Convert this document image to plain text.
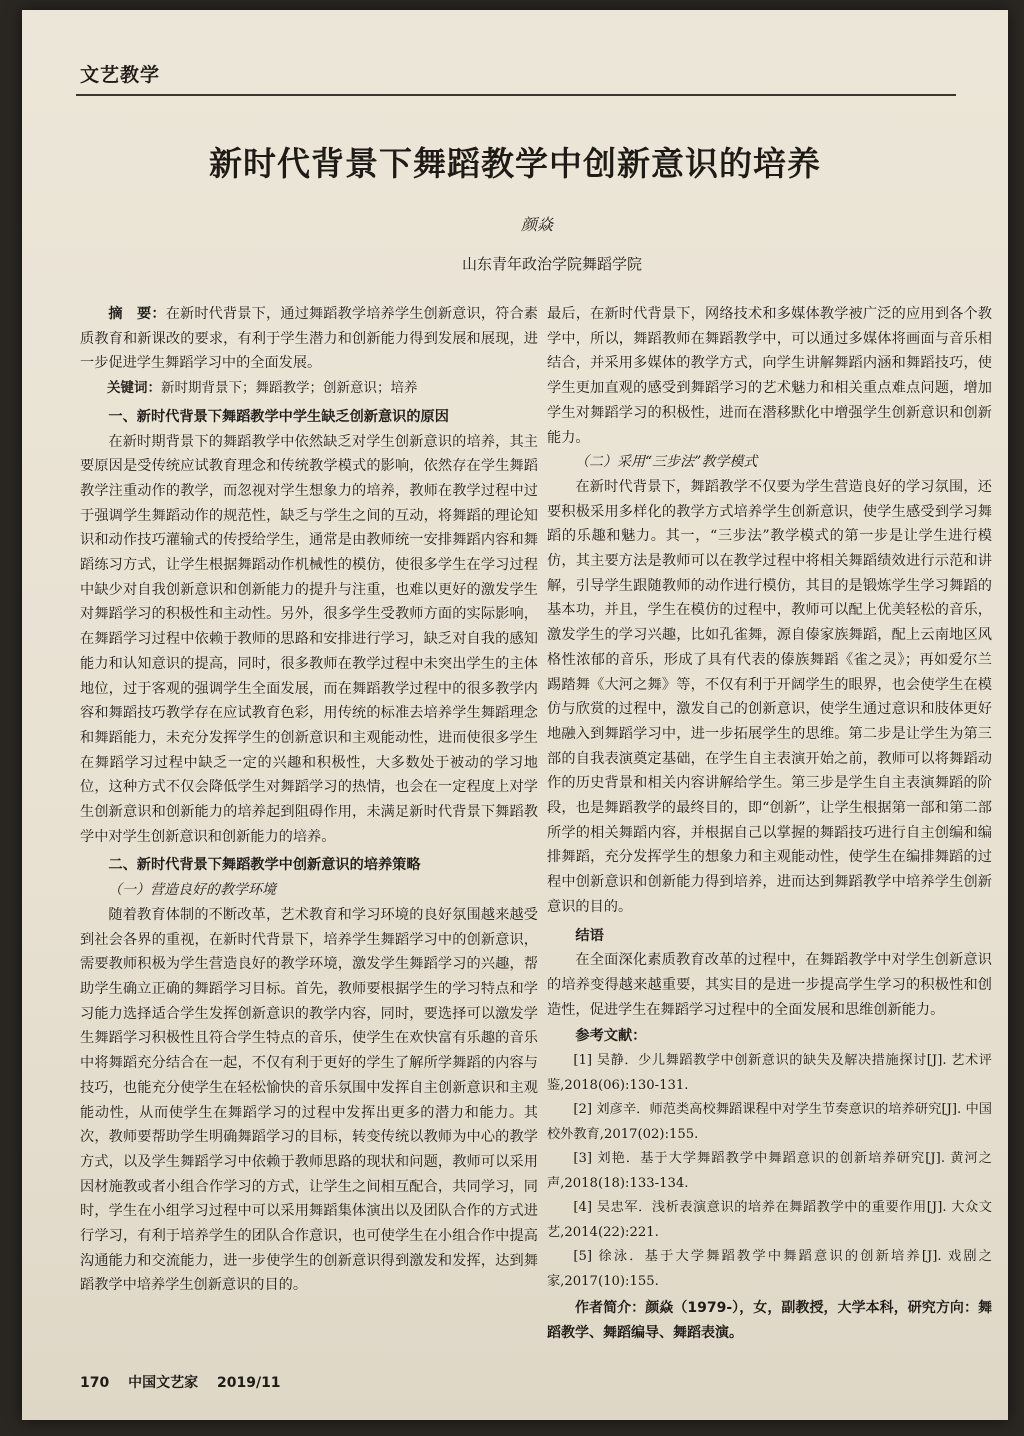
文艺教学
新时代背景下舞蹈教学中创新意识的培养
颜焱
山东青年政治学院舞蹈学院

摘　要：在新时代背景下，通过舞蹈教学培养学生创新意识，符合素质教育和新课改的要求，有利于学生潜力和创新能力得到发展和展现，进一步促进学生舞蹈学习中的全面发展。

关键词：新时期背景下；舞蹈教学；创新意识；培养

一、新时代背景下舞蹈教学中学生缺乏创新意识的原因

在新时期背景下的舞蹈教学中依然缺乏对学生创新意识的培养，其主要原因是受传统应试教育理念和传统教学模式的影响，依然存在学生舞蹈教学注重动作的教学，而忽视对学生想象力的培养，教师在教学过程中过于强调学生舞蹈动作的规范性，缺乏与学生之间的互动，将舞蹈的理论知识和动作技巧灌输式的传授给学生，通常是由教师统一安排舞蹈内容和舞蹈练习方式，让学生根据舞蹈动作机械性的模仿，使很多学生在学习过程中缺少对自我创新意识和创新能力的提升与注重，也难以更好的激发学生对舞蹈学习的积极性和主动性。另外，很多学生受教师方面的实际影响，在舞蹈学习过程中依赖于教师的思路和安排进行学习，缺乏对自我的感知能力和认知意识的提高，同时，很多教师在教学过程中未突出学生的主体地位，过于客观的强调学生全面发展，而在舞蹈教学过程中的很多教学内容和舞蹈技巧教学存在应试教育色彩，用传统的标准去培养学生舞蹈理念和舞蹈能力，未充分发挥学生的创新意识和主观能动性，进而使很多学生在舞蹈学习过程中缺乏一定的兴趣和积极性，大多数处于被动的学习地位，这种方式不仅会降低学生对舞蹈学习的热情，也会在一定程度上对学生创新意识和创新能力的培养起到阻碍作用，未满足新时代背景下舞蹈教学中对学生创新意识和创新能力的培养。

二、新时代背景下舞蹈教学中创新意识的培养策略
（一）营造良好的教学环境

随着教育体制的不断改革，艺术教育和学习环境的良好氛围越来越受到社会各界的重视，在新时代背景下，培养学生舞蹈学习中的创新意识，需要教师积极为学生营造良好的教学环境，激发学生舞蹈学习的兴趣，帮助学生确立正确的舞蹈学习目标。首先，教师要根据学生的学习特点和学习能力选择适合学生发挥创新意识的教学内容，同时，要选择可以激发学生舞蹈学习积极性且符合学生特点的音乐，使学生在欢快富有乐趣的音乐中将舞蹈充分结合在一起，不仅有利于更好的学生了解所学舞蹈的内容与技巧，也能充分使学生在轻松愉快的音乐氛围中发挥自主创新意识和主观能动性，从而使学生在舞蹈学习的过程中发挥出更多的潜力和能力。其次，教师要帮助学生明确舞蹈学习的目标，转变传统以教师为中心的教学方式，以及学生舞蹈学习中依赖于教师思路的现状和问题，教师可以采用因材施教或者小组合作学习的方式，让学生之间相互配合，共同学习，同时，学生在小组学习过程中可以采用舞蹈集体演出以及团队合作的方式进行学习，有利于培养学生的团队合作意识，也可使学生在小组合作中提高沟通能力和交流能力，进一步使学生的创新意识得到激发和发挥，达到舞蹈教学中培养学生创新意识的目的。

最后，在新时代背景下，网络技术和多媒体教学被广泛的应用到各个教学中，所以，舞蹈教师在舞蹈教学中，可以通过多媒体将画面与音乐相结合，并采用多媒体的教学方式，向学生讲解舞蹈内涵和舞蹈技巧，使学生更加直观的感受到舞蹈学习的艺术魅力和相关重点难点问题，增加学生对舞蹈学习的积极性，进而在潜移默化中增强学生创新意识和创新能力。

（二）采用“三步法”教学模式

在新时代背景下，舞蹈教学不仅要为学生营造良好的学习氛围，还要积极采用多样化的教学方式培养学生创新意识，使学生感受到学习舞蹈的乐趣和魅力。其一，“三步法”教学模式的第一步是让学生进行模仿，其主要方法是教师可以在教学过程中将相关舞蹈绩效进行示范和讲解，引导学生跟随教师的动作进行模仿，其目的是锻炼学生学习舞蹈的基本功，并且，学生在模仿的过程中，教师可以配上优美轻松的音乐，激发学生的学习兴趣，比如孔雀舞，源自傣家族舞蹈，配上云南地区风格性浓郁的音乐，形成了具有代表的傣族舞蹈《雀之灵》；再如爱尔兰踢踏舞《大河之舞》等，不仅有利于开阔学生的眼界，也会使学生在模仿与欣赏的过程中，激发自己的创新意识，使学生通过意识和肢体更好地融入到舞蹈学习中，进一步拓展学生的思维。第二步是让学生为第三部的自我表演奠定基础，在学生自主表演开始之前，教师可以将舞蹈动作的历史背景和相关内容讲解给学生。第三步是学生自主表演舞蹈的阶段，也是舞蹈教学的最终目的，即“创新”，让学生根据第一部和第二部所学的相关舞蹈内容，并根据自己以掌握的舞蹈技巧进行自主创编和编排舞蹈，充分发挥学生的想象力和主观能动性，使学生在编排舞蹈的过程中创新意识和创新能力得到培养，进而达到舞蹈教学中培养学生创新意识的目的。

结语

在全面深化素质教育改革的过程中，在舞蹈教学中对学生创新意识的培养变得越来越重要，其实目的是进一步提高学生学习的积极性和创造性，促进学生在舞蹈学习过程中的全面发展和思维创新能力。

参考文献：

[1] 吴静．少儿舞蹈教学中创新意识的缺失及解决措施探讨[J]. 艺术评鉴,2018(06):130-131.

[2] 刘彦辛．师范类高校舞蹈课程中对学生节奏意识的培养研究[J]. 中国校外教育,2017(02):155.

[3] 刘艳．基于大学舞蹈教学中舞蹈意识的创新培养研究[J]. 黄河之声,2018(18):133-134.

[4] 吴忠军．浅析表演意识的培养在舞蹈教学中的重要作用[J]. 大众文艺,2014(22):221.

[5] 徐泳．基于大学舞蹈教学中舞蹈意识的创新培养[J]. 戏剧之家,2017(10):155.

作者简介：颜焱（1979-），女，副教授，大学本科，研究方向：舞蹈教学、舞蹈编导、舞蹈表演。
170 中国文艺家 2019/11
